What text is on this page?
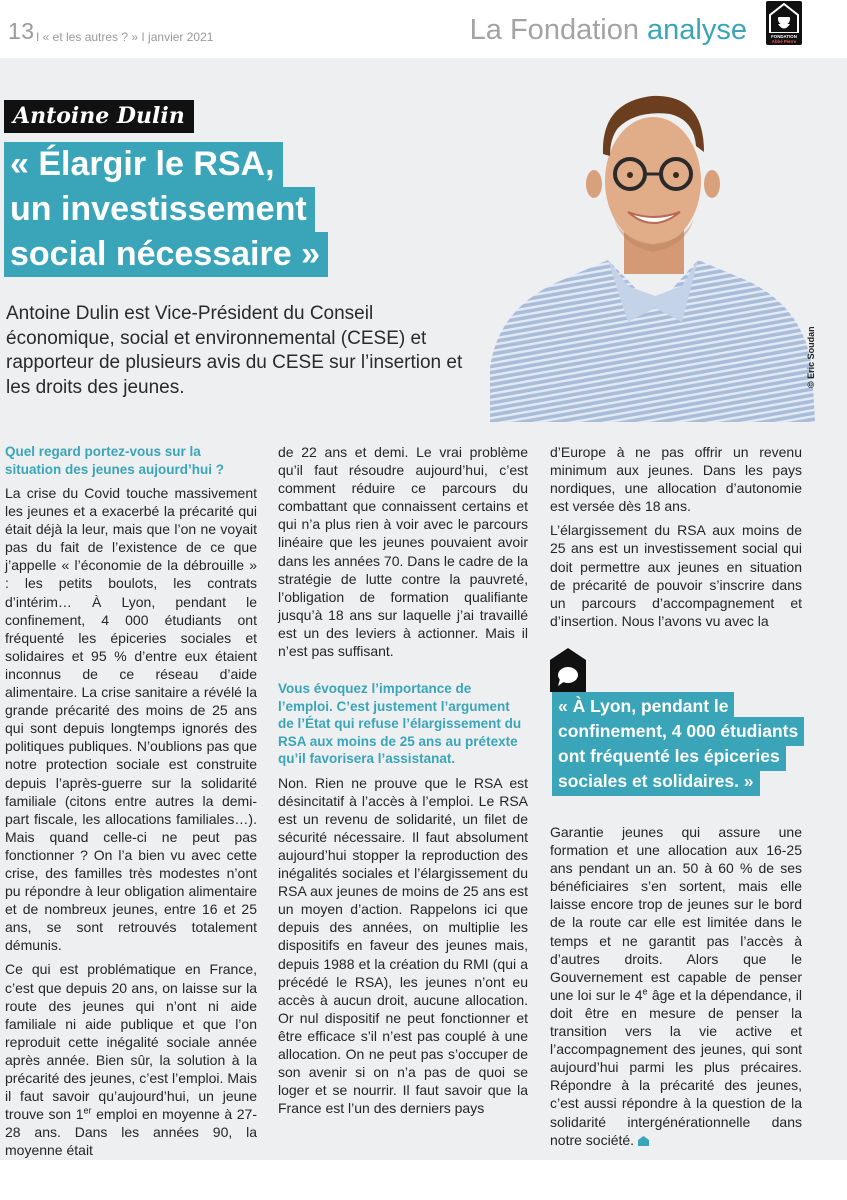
13 I « et les autres ? » I janvier 2021	La Fondation analyse	FONDATION
Abbé Pierre
Antoine Dulin
« Élargir le RSA,
un investissement
social nécessaire »
Antoine Dulin est Vice-Président du Conseil économique, social et environnemental (CESE) et rapporteur de plusieurs avis du CESE sur l’insertion et les droits des jeunes.	© Eric Soudan

Quel regard portez-vous sur la situation des jeunes aujourd’hui ?

La crise du Covid touche massivement les jeunes et a exacerbé la précarité qui était déjà la leur, mais que l’on ne voyait pas du fait de l’existence de ce que j’appelle « l’économie de la débrouille » : les petits boulots, les contrats d’intérim… À Lyon, pendant le confinement, 4 000 étudiants ont fréquenté les épiceries sociales et solidaires et 95 % d’entre eux étaient inconnus de ce réseau d’aide alimentaire. La crise sanitaire a révélé la grande précarité des moins de 25 ans qui sont depuis longtemps ignorés des politiques publiques. N’oublions pas que notre protection sociale est construite depuis l’après-guerre sur la solidarité familiale (citons entre autres la demi-part fiscale, les allocations familiales…). Mais quand celle-ci ne peut pas fonctionner ? On l’a bien vu avec cette crise, des familles très modestes n’ont pu répondre à leur obligation alimentaire et de nombreux jeunes, entre 16 et 25 ans, se sont retrouvés totalement démunis.

Ce qui est problématique en France, c’est que depuis 20 ans, on laisse sur la route des jeunes qui n’ont ni aide familiale ni aide publique et que l’on reproduit cette inégalité sociale année après année. Bien sûr, la solution à la précarité des jeunes, c’est l’emploi. Mais il faut savoir qu’aujourd’hui, un jeune trouve son 1er emploi en moyenne à 27-28 ans. Dans les années 90, la moyenne était

de 22 ans et demi. Le vrai problème qu’il faut résoudre aujourd’hui, c’est comment réduire ce parcours du combattant que connaissent certains et qui n’a plus rien à voir avec le parcours linéaire que les jeunes pouvaient avoir dans les années 70. Dans le cadre de la stratégie de lutte contre la pauvreté, l’obligation de formation qualifiante jusqu’à 18 ans sur laquelle j’ai travaillé est un des leviers à actionner. Mais il n’est pas suffisant.

Vous évoquez l’importance de l’emploi. C’est justement l’argument de l’État qui refuse l’élargissement du RSA aux moins de 25 ans au prétexte qu’il favorisera l’assistanat.

Non. Rien ne prouve que le RSA est désincitatif à l’accès à l’emploi. Le RSA est un revenu de solidarité, un filet de sécurité nécessaire. Il faut absolument aujourd’hui stopper la reproduction des inégalités sociales et l’élargissement du RSA aux jeunes de moins de 25 ans est un moyen d’action. Rappelons ici que depuis des années, on multiplie les dispositifs en faveur des jeunes mais, depuis 1988 et la création du RMI (qui a précédé le RSA), les jeunes n’ont eu accès à aucun droit, aucune allocation. Or nul dispositif ne peut fonctionner et être efficace s’il n’est pas couplé à une allocation. On ne peut pas s’occuper de son avenir si on n’a pas de quoi se loger et se nourrir. Il faut savoir que la France est l’un des derniers pays

d’Europe à ne pas offrir un revenu minimum aux jeunes. Dans les pays nordiques, une allocation d’autonomie est versée dès 18 ans.

L’élargissement du RSA aux moins de 25 ans est un investissement social qui doit permettre aux jeunes en situation de précarité de pouvoir s’inscrire dans un parcours d’accompagnement et d’insertion. Nous l’avons vu avec la

« À Lyon, pendant le
confinement, 4 000 étudiants
ont fréquenté les épiceries
sociales et solidaires. »

Garantie jeunes qui assure une formation et une allocation aux 16-25 ans pendant un an. 50 à 60 % de ses bénéficiaires s’en sortent, mais elle laisse encore trop de jeunes sur le bord de la route car elle est limitée dans le temps et ne garantit pas l’accès à d’autres droits. Alors que le Gouvernement est capable de penser une loi sur le 4e âge et la dépendance, il doit être en mesure de penser la transition vers la vie active et l’accompagnement des jeunes, qui sont aujourd’hui parmi les plus précaires. Répondre à la précarité des jeunes, c’est aussi répondre à la question de la solidarité intergénérationnelle dans notre société.
